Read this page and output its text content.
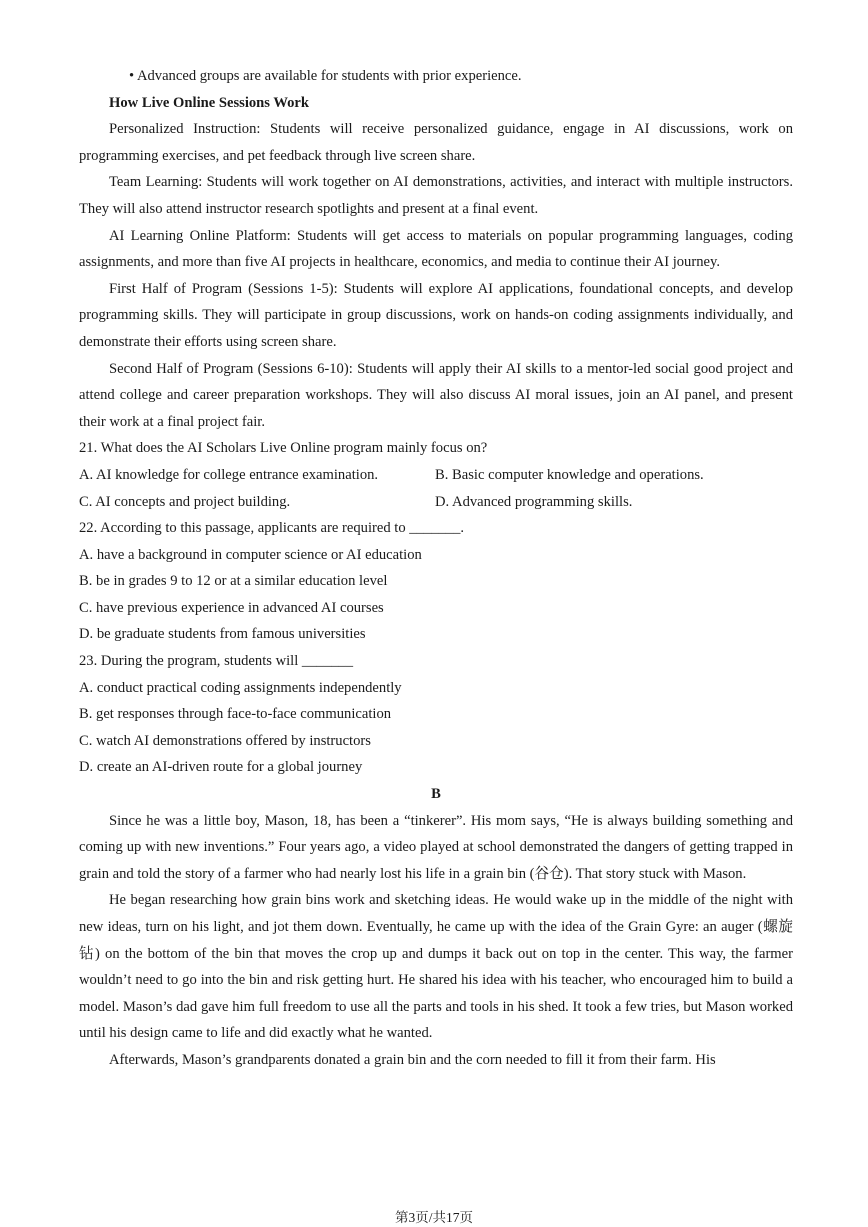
• Advanced groups are available for students with prior experience.

How Live Online Sessions Work

Personalized Instruction: Students will receive personalized guidance, engage in AI discussions, work on programming exercises, and pet feedback through live screen share.

Team Learning: Students will work together on AI demonstrations, activities, and interact with multiple instructors. They will also attend instructor research spotlights and present at a final event.

AI Learning Online Platform: Students will get access to materials on popular programming languages, coding assignments, and more than five AI projects in healthcare, economics, and media to continue their AI journey.

First Half of Program (Sessions 1-5): Students will explore AI applications, foundational concepts, and develop programming skills. They will participate in group discussions, work on hands-on coding assignments individually, and demonstrate their efforts using screen share.

Second Half of Program (Sessions 6-10): Students will apply their AI skills to a mentor-led social good project and attend college and career preparation workshops. They will also discuss AI moral issues, join an AI panel, and present their work at a final project fair.

21. What does the AI Scholars Live Online program mainly focus on?

A. AI knowledge for college entrance examination.	B. Basic computer knowledge and operations.
C. AI concepts and project building.	D. Advanced programming skills.

22. According to this passage, applicants are required to _______.

A. have a background in computer science or AI education

B. be in grades 9 to 12 or at a similar education level

C. have previous experience in advanced AI courses

D. be graduate students from famous universities

23. During the program, students will _______

A. conduct practical coding assignments independently

B. get responses through face-to-face communication

C. watch AI demonstrations offered by instructors

D. create an AI-driven route for a global journey

B

Since he was a little boy, Mason, 18, has been a “tinkerer”. His mom says, “He is always building something and coming up with new inventions.” Four years ago, a video played at school demonstrated the dangers of getting trapped in grain and told the story of a farmer who had nearly lost his life in a grain bin (谷仓). That story stuck with Mason.

He began researching how grain bins work and sketching ideas. He would wake up in the middle of the night with new ideas, turn on his light, and jot them down. Eventually, he came up with the idea of the Grain Gyre: an auger (螺旋钻) on the bottom of the bin that moves the crop up and dumps it back out on top in the center. This way, the farmer wouldn’t need to go into the bin and risk getting hurt. He shared his idea with his teacher, who encouraged him to build a model. Mason’s dad gave him full freedom to use all the parts and tools in his shed. It took a few tries, but Mason worked until his design came to life and did exactly what he wanted.

Afterwards, Mason’s grandparents donated a grain bin and the corn needed to fill it from their farm. His

第3页/共17页
